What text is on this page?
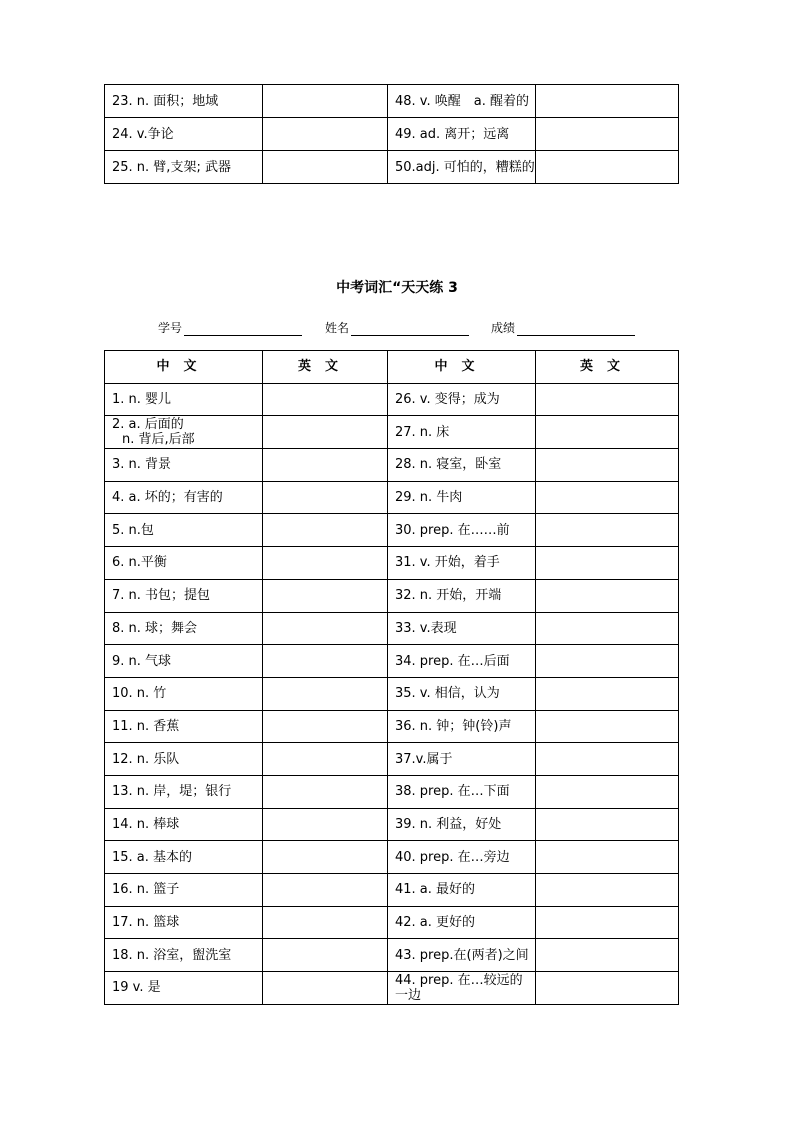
23. n. 面积；地域		48. v. 唤醒　a. 醒着的	
24. v.争论		49. ad. 离开；远离	
25. n. 臂,支架; 武器		50.adj. 可怕的，糟糕的	
中考词汇“天天练 3
学号	姓名	成绩
中文	英文	中文	英文
1. n. 婴儿		26. v. 变得；成为	
2. a. 后面的
n. 背后,后部		27. n. 床	
3. n. 背景		28. n. 寝室，卧室	
4. a. 坏的；有害的		29. n. 牛肉	
5. n.包		30. prep. 在……前	
6. n.平衡		31. v. 开始，着手	
7. n. 书包；提包		32. n. 开始，开端	
8. n. 球；舞会		33. v.表现	
9. n. 气球		34. prep. 在…后面	
10. n. 竹		35. v. 相信，认为	
11. n. 香蕉		36. n. 钟；钟(铃)声	
12. n. 乐队		37.v.属于	
13. n. 岸，堤；银行		38. prep. 在…下面	
14. n. 棒球		39. n. 利益，好处	
15. a. 基本的		40. prep. 在…旁边	
16. n. 篮子		41. a. 最好的	
17. n. 篮球		42. a. 更好的	
18. n. 浴室，盥洗室		43. prep.在(两者)之间	
19 v. 是		44. prep. 在…较远的一边	
